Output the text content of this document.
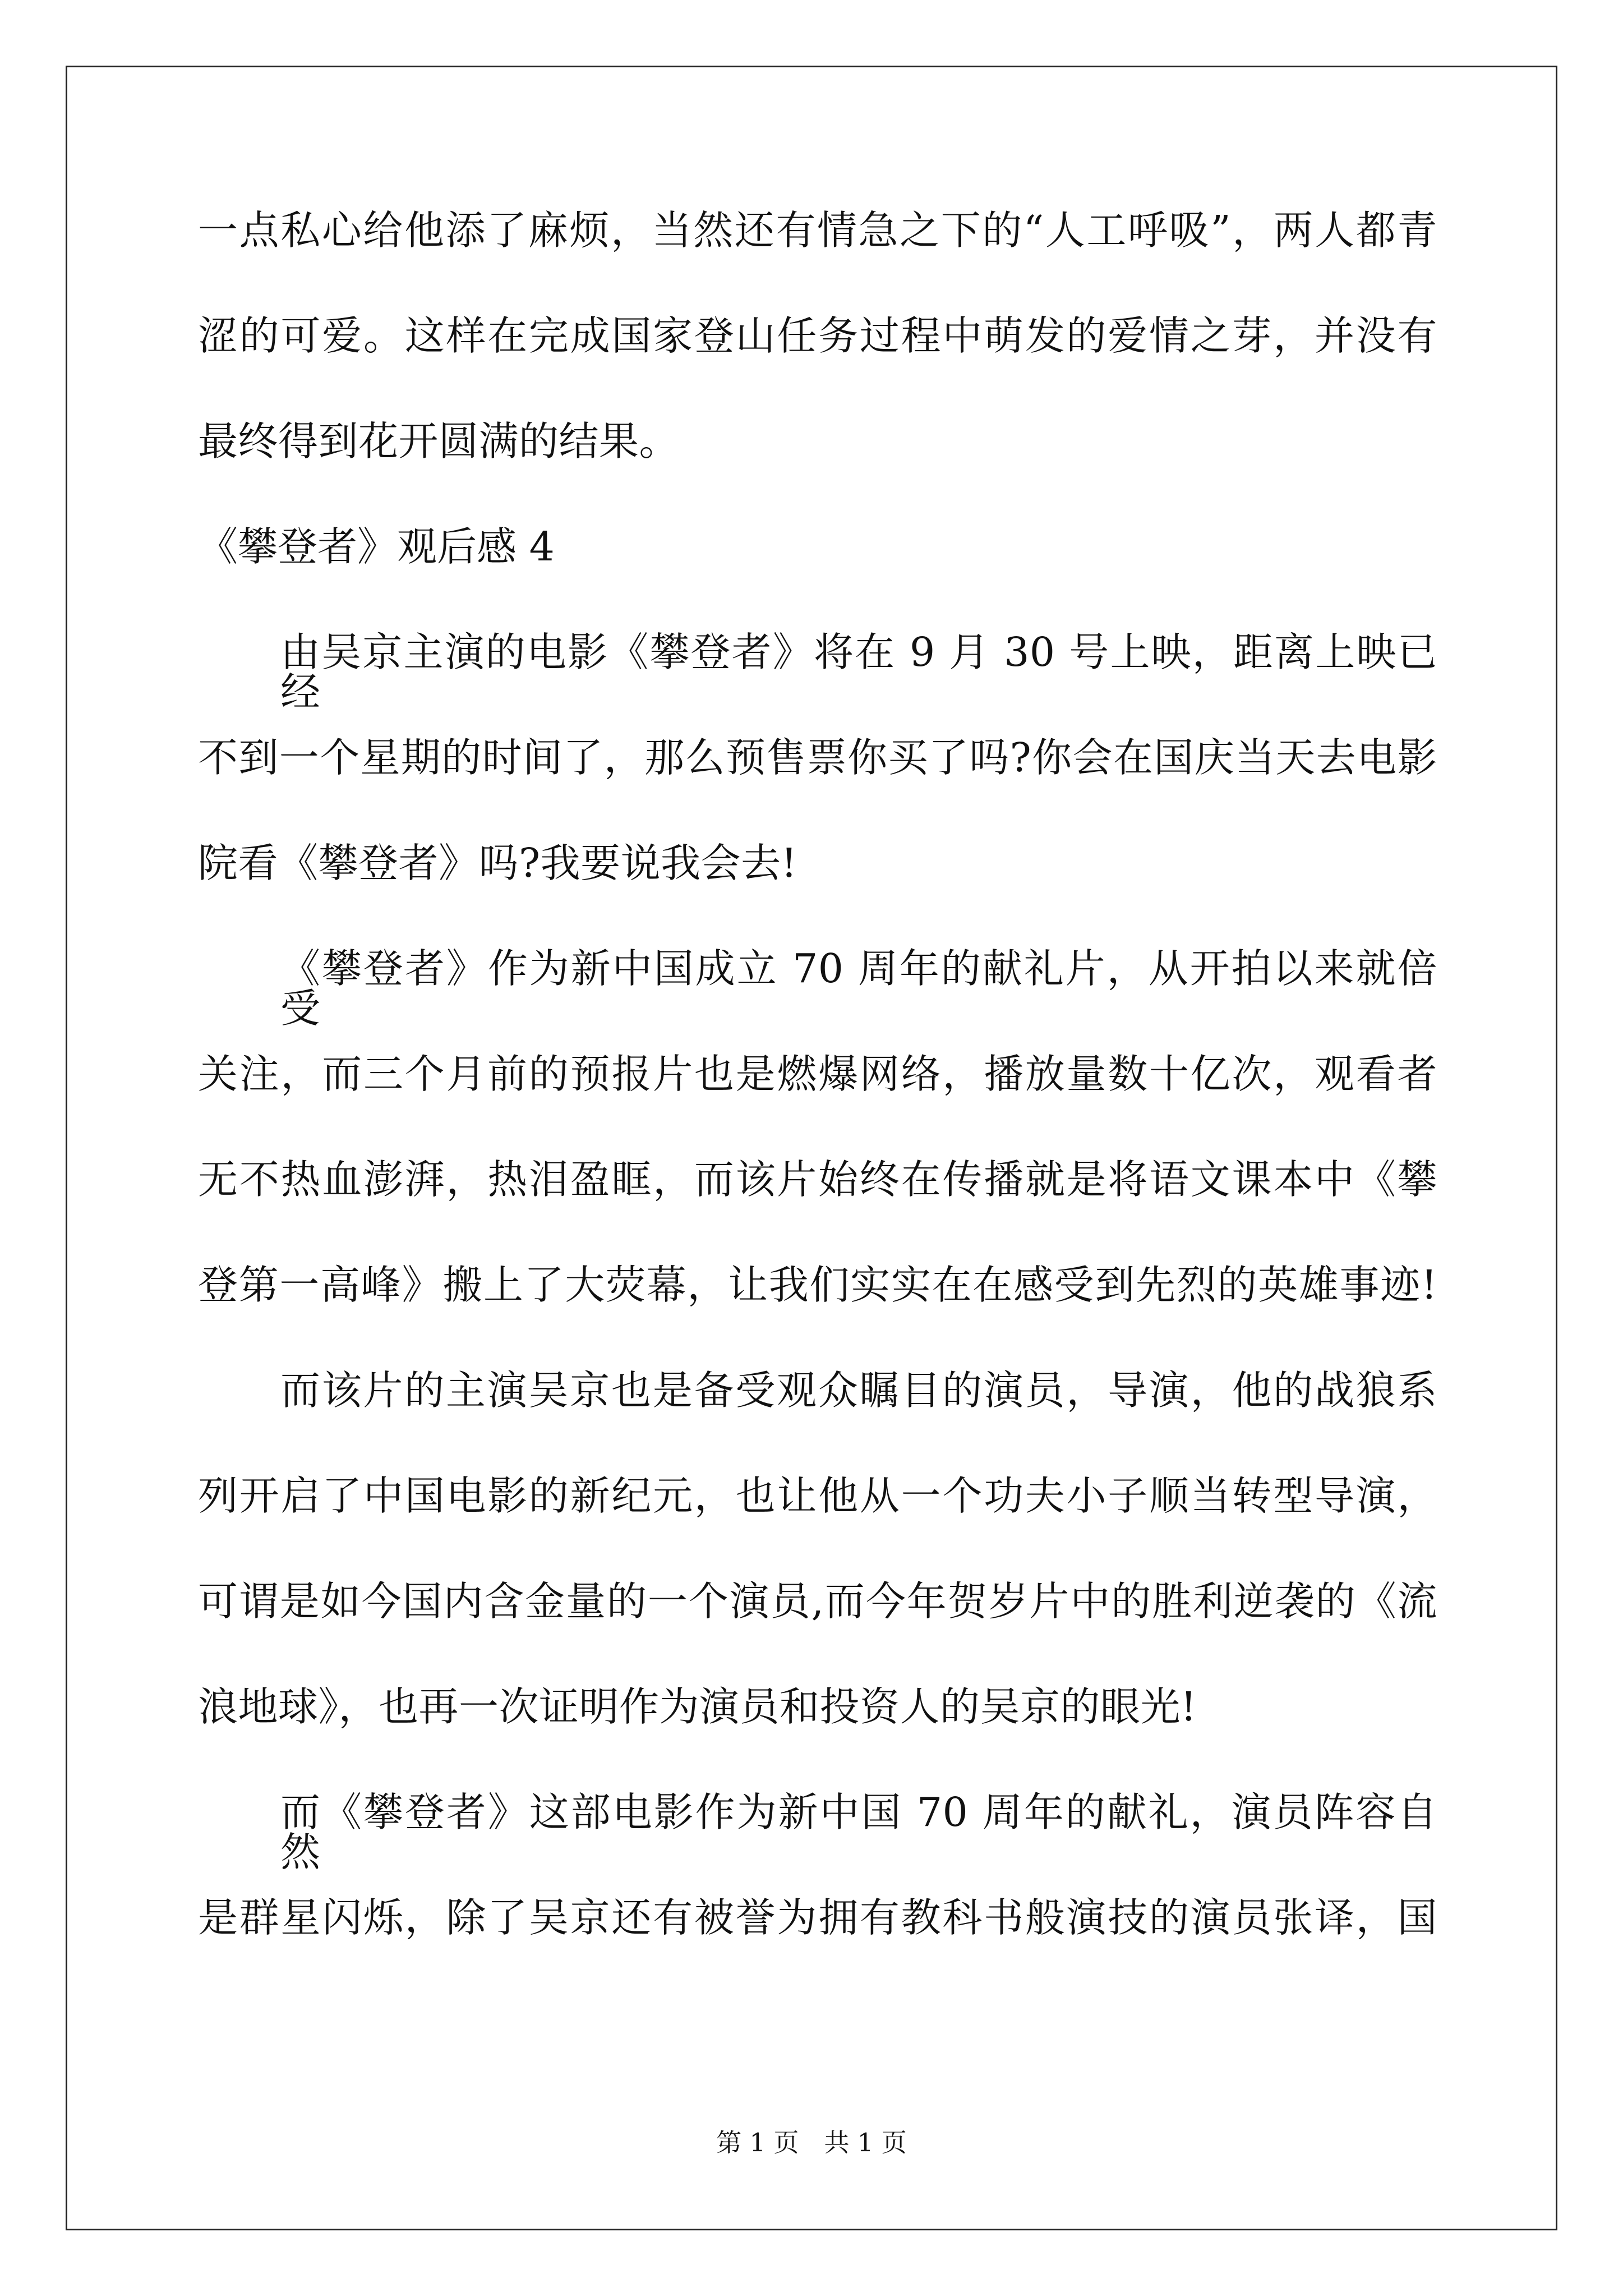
一点私心给他添了麻烦，当然还有情急之下的“人工呼吸”，两人都青
涩的可爱。这样在完成国家登山任务过程中萌发的爱情之芽，并没有
最终得到花开圆满的结果。
《攀登者》观后感 4
由吴京主演的电影《攀登者》将在 9 月 30 号上映，距离上映已经
不到一个星期的时间了，那么预售票你买了吗?你会在国庆当天去电影
院看《攀登者》吗?我要说我会去!
《攀登者》作为新中国成立 70 周年的献礼片，从开拍以来就倍受
关注，而三个月前的预报片也是燃爆网络，播放量数十亿次，观看者
无不热血澎湃，热泪盈眶，而该片始终在传播就是将语文课本中《攀
登第一高峰》搬上了大荧幕，让我们实实在在感受到先烈的英雄事迹!
而该片的主演吴京也是备受观众瞩目的演员，导演，他的战狼系
列开启了中国电影的新纪元，也让他从一个功夫小子顺当转型导演，
可谓是如今国内含金量的一个演员,而今年贺岁片中的胜利逆袭的《流
浪地球》，也再一次证明作为演员和投资人的吴京的眼光!
而《攀登者》这部电影作为新中国 70 周年的献礼，演员阵容自然
是群星闪烁，除了吴京还有被誉为拥有教科书般演技的演员张译，国
第 1 页　共 1 页
